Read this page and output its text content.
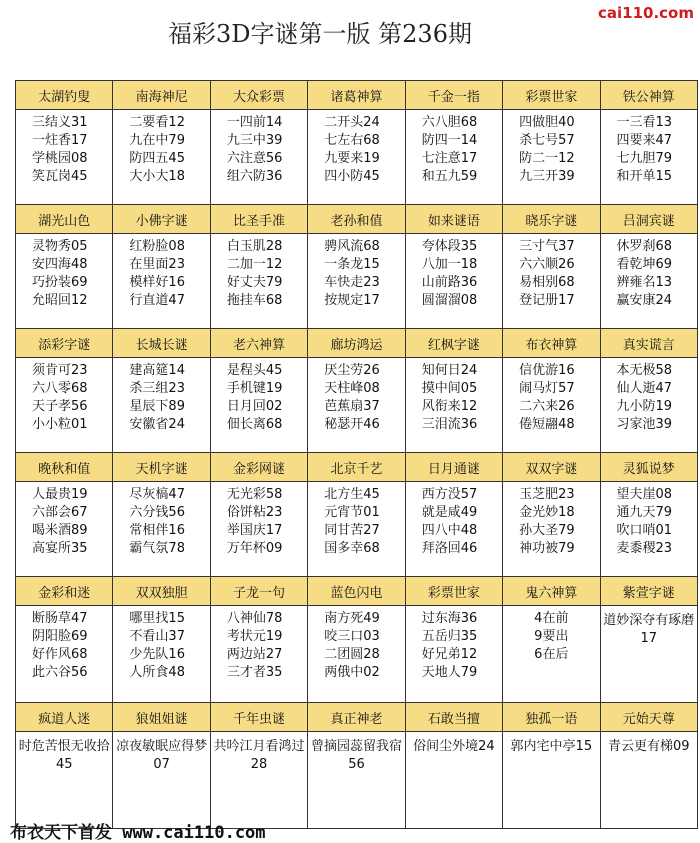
福彩3D字谜第一版 第236期
cai110.com
太湖钓叟
三结义31
一炷香17
学桃园08
笑瓦岗45
南海神尼
二要看12
九在中79
防四五45
大小大18
大众彩票
一四前14
九三中39
六注意56
组六防36
诸葛神算
二开头24
七左右68
九要来19
四小防45
千金一指
六八胆68
防四一14
七注意17
和五九59
彩票世家
四做胆40
杀七号57
防二一12
九三开39
铁公神算
一三看13
四要来47
七九胆79
和开单15
湖光山色
灵物秀05
安四海48
巧扮装69
允昭回12
小佛字谜
红粉脸08
在里面23
模样好16
行直道47
比圣手准
白玉肌28
二加一12
好丈夫79
拖挂车68
老孙和值
骋风流68
一条龙15
车快走23
按规定17
如来谜语
夸体段35
八加一18
山前路36
圆溜溜08
晓乐字谜
三寸气37
六六顺26
易相别68
登记册17
吕洞宾谜
休罗刹68
看乾坤69
辨雍名13
赢安康24
添彩字谜
须肯可23
六八零68
天子孝56
小小粒01
长城长谜
建高筵14
杀三组23
星辰下89
安徽省24
老六神算
是程头45
手机键19
日月回02
佃长离68
廊坊鸿运
厌尘劳26
天柱峰08
芭蕉扇37
秘瑟开46
红枫字谜
知何日24
摸中间05
风衔来12
三泪流36
布衣神算
信优游16
闹马灯57
二六来26
倦短翮48
真实谎言
本无极58
仙人逝47
九小防19
习家池39
晚秋和值
人最贵19
六部会67
喝米酒89
高宴所35
天机字谜
尽灰槁47
六分钱56
常相伴16
霸气氛78
金彩网谜
无光彩58
俗饼粘23
举国庆17
万年杯09
北京千艺
北方生45
元宵节01
同甘苦27
国多幸68
日月通谜
西方没57
就是咸49
四八中48
拜洛回46
双双字谜
玉芝肥23
金光妙18
孙大圣79
神功被79
灵狐说梦
望夫崖08
通九天79
吹口哨01
麦黍稷23
金彩和迷
断肠草47
阴阳脸69
好作风68
此六谷56
双双独胆
哪里找15
不看山37
少先队16
人所食48
子龙一句
八神仙78
考状元19
两边站27
三才者35
蓝色闪电
南方死49
咬三口03
二团圆28
两俄中02
彩票世家
过东海36
五岳归35
好兄弟12
天地人79
鬼六神算
4在前
9要出
6在后
紫萱字谜
道妙深夺有琢磨17
疯道人迷
时危苦恨无收拾45
狼姐姐谜
凉夜敏眠应得梦07
千年虫谜
共吟江月看鸿过28
真正神老
曾摘园蕊留我宿56
石敢当擅
俗间尘外境24
独孤一语
郭内宅中亭15
元始天尊
青云更有梯09
布衣天下首发 www.cai110.com
